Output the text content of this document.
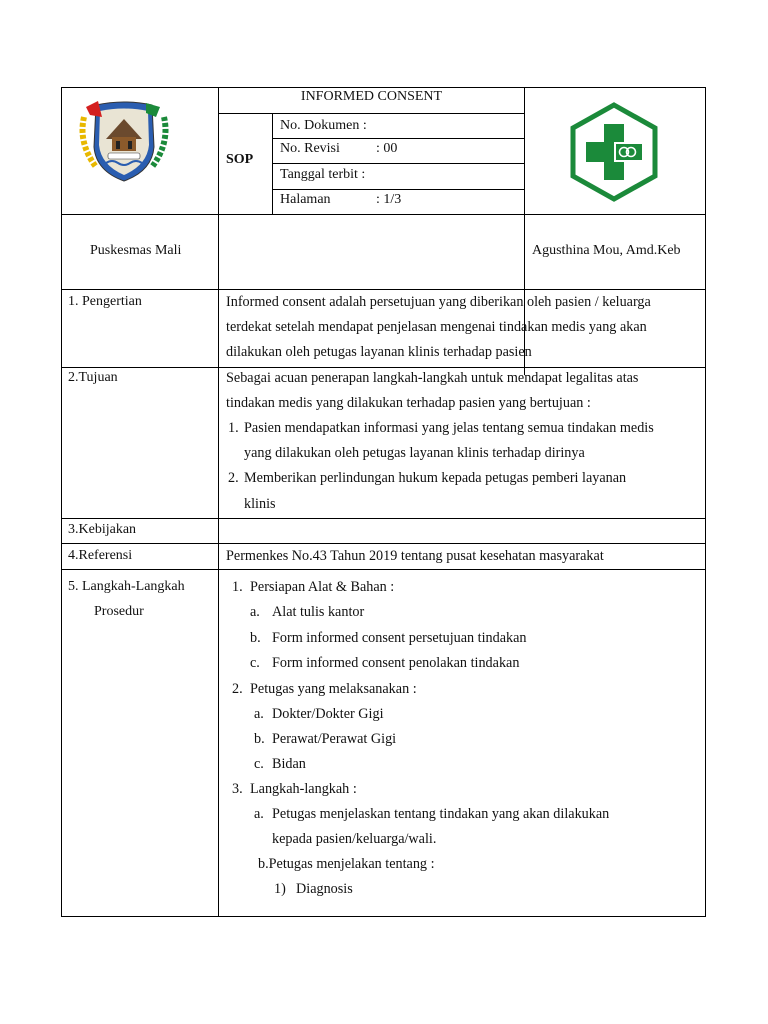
INFORMED CONSENT
SOP
No. Dokumen :
No. Revisi	: 00
Tanggal terbit :
Halaman	: 1/3
Puskesmas Mali	Agusthina Mou, Amd.Keb
1. Pengertian	Informed consent adalah persetujuan yang diberikan oleh pasien / keluarga
terdekat setelah mendapat penjelasan mengenai tindakan medis yang akan
dilakukan oleh petugas layanan klinis terhadap pasien
2.Tujuan	Sebagai acuan penerapan langkah-langkah untuk mendapat legalitas atas
tindakan medis yang dilakukan terhadap pasien yang bertujuan :
1. Pasien mendapatkan informasi yang jelas tentang semua tindakan medis
yang dilakukan oleh petugas layanan klinis terhadap dirinya
2. Memberikan perlindungan hukum kepada petugas pemberi layanan
klinis
3.Kebijakan
4.Referensi	Permenkes No.43 Tahun 2019 tentang pusat kesehatan masyarakat
5. Langkah-Langkah
Prosedur
1. Persiapan Alat & Bahan :
a. Alat tulis kantor
b. Form informed consent persetujuan tindakan
c. Form informed consent penolakan tindakan
2. Petugas yang melaksanakan :
a. Dokter/Dokter Gigi
b. Perawat/Perawat Gigi
c. Bidan
3. Langkah-langkah :
a. Petugas menjelaskan tentang tindakan yang akan dilakukan
kepada pasien/keluarga/wali.
b.Petugas menjelakan tentang :
1) Diagnosis
